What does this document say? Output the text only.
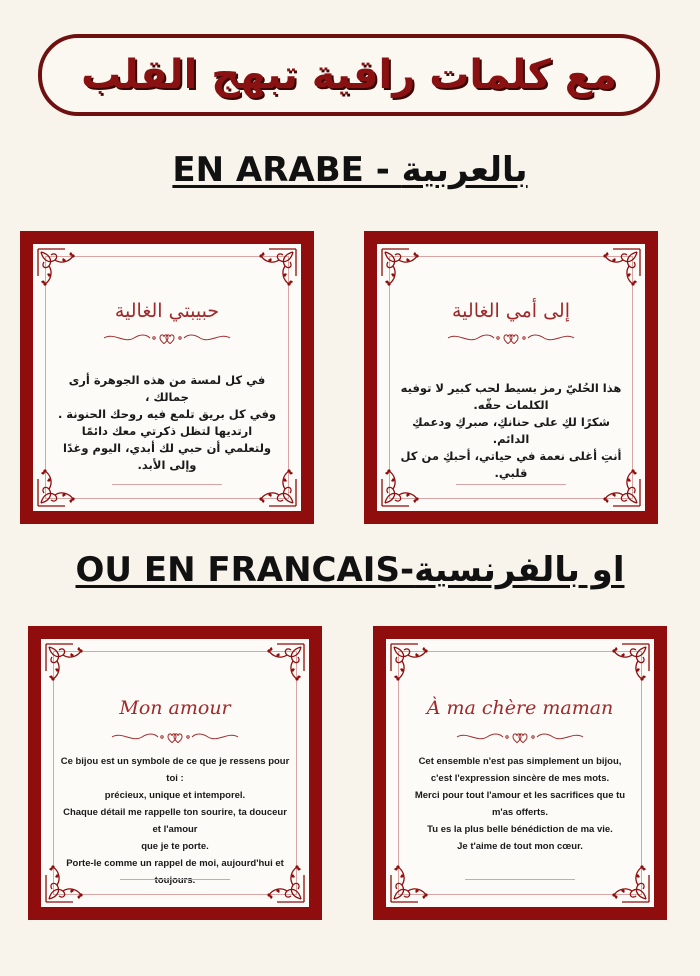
مع كلمات راقية تبهج القلب
EN ARABE - بالعربية
OU EN FRANCAIS-او بالفرنسية
حبيبتي الغالية

في كل لمسة من هذه الجوهرة أرى جمالك ،

وفي كل بريق تلمع فيه روحك الحنونة .

ارتديها لتظل ذكرتي معك دائمًا

ولتعلمي أن حبي لك أبدي، اليوم وغدًا وإلى الأبد.

إلى أمي الغالية

هذا الحُليّ رمز بسيط لحب كبير لا توفيه الكلمات حقّه.

شكرًا لكِ على حنانكِ، صبركِ ودعمكِ الدائم.

أنتِ أغلى نعمة في حياتي، أحبكِ من كل قلبي.

Mon amour

Ce bijou est un symbole de ce que je ressens pour toi :

précieux, unique et intemporel.

Chaque détail me rappelle ton sourire, ta douceur et l'amour

que je te porte.

Porte-le comme un rappel de moi, aujourd'hui et toujours.

À ma chère maman

Cet ensemble n'est pas simplement un bijou,

c'est l'expression sincère de mes mots.

Merci pour tout l'amour et les sacrifices que tu m'as offerts.

Tu es la plus belle bénédiction de ma vie.

Je t'aime de tout mon cœur.
